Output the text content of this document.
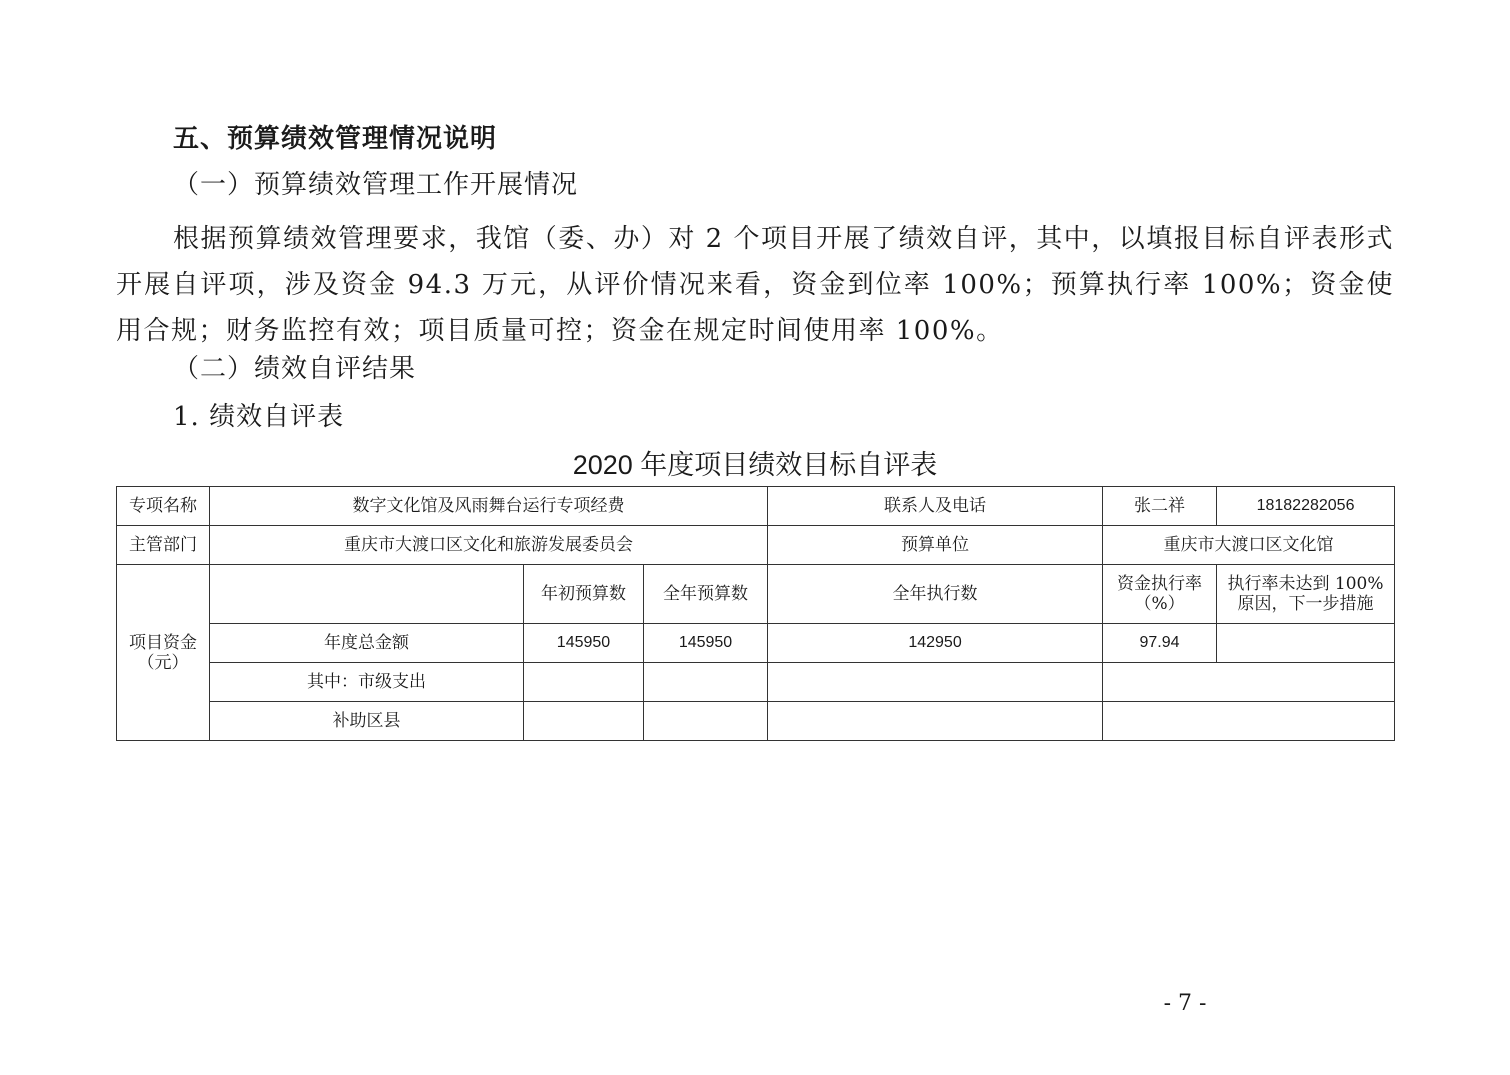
五、预算绩效管理情况说明
（一）预算绩效管理工作开展情况
根据预算绩效管理要求，我馆（委、办）对 2 个项目开展了绩效自评，其中，以填报目标自评表形式开展自评项，涉及资金 94.3 万元，从评价情况来看，资金到位率 100%；预算执行率 100%；资金使用合规；财务监控有效；项目质量可控；资金在规定时间使用率 100%。
（二）绩效自评结果
1. 绩效自评表
2020 年度项目绩效目标自评表
专项名称	数字文化馆及风雨舞台运行专项经费			联系人及电话	张二祥	18182282056
主管部门	重庆市大渡口区文化和旅游发展委员会			预算单位	重庆市大渡口区文化馆	
项目资金（元）		年初预算数	全年预算数	全年执行数	资金执行率（%）	执行率未达到 100%原因，下一步措施
	年度总金额	145950	145950	142950	97.94	
	其中：市级支出					
	补助区县					
- 7 -
